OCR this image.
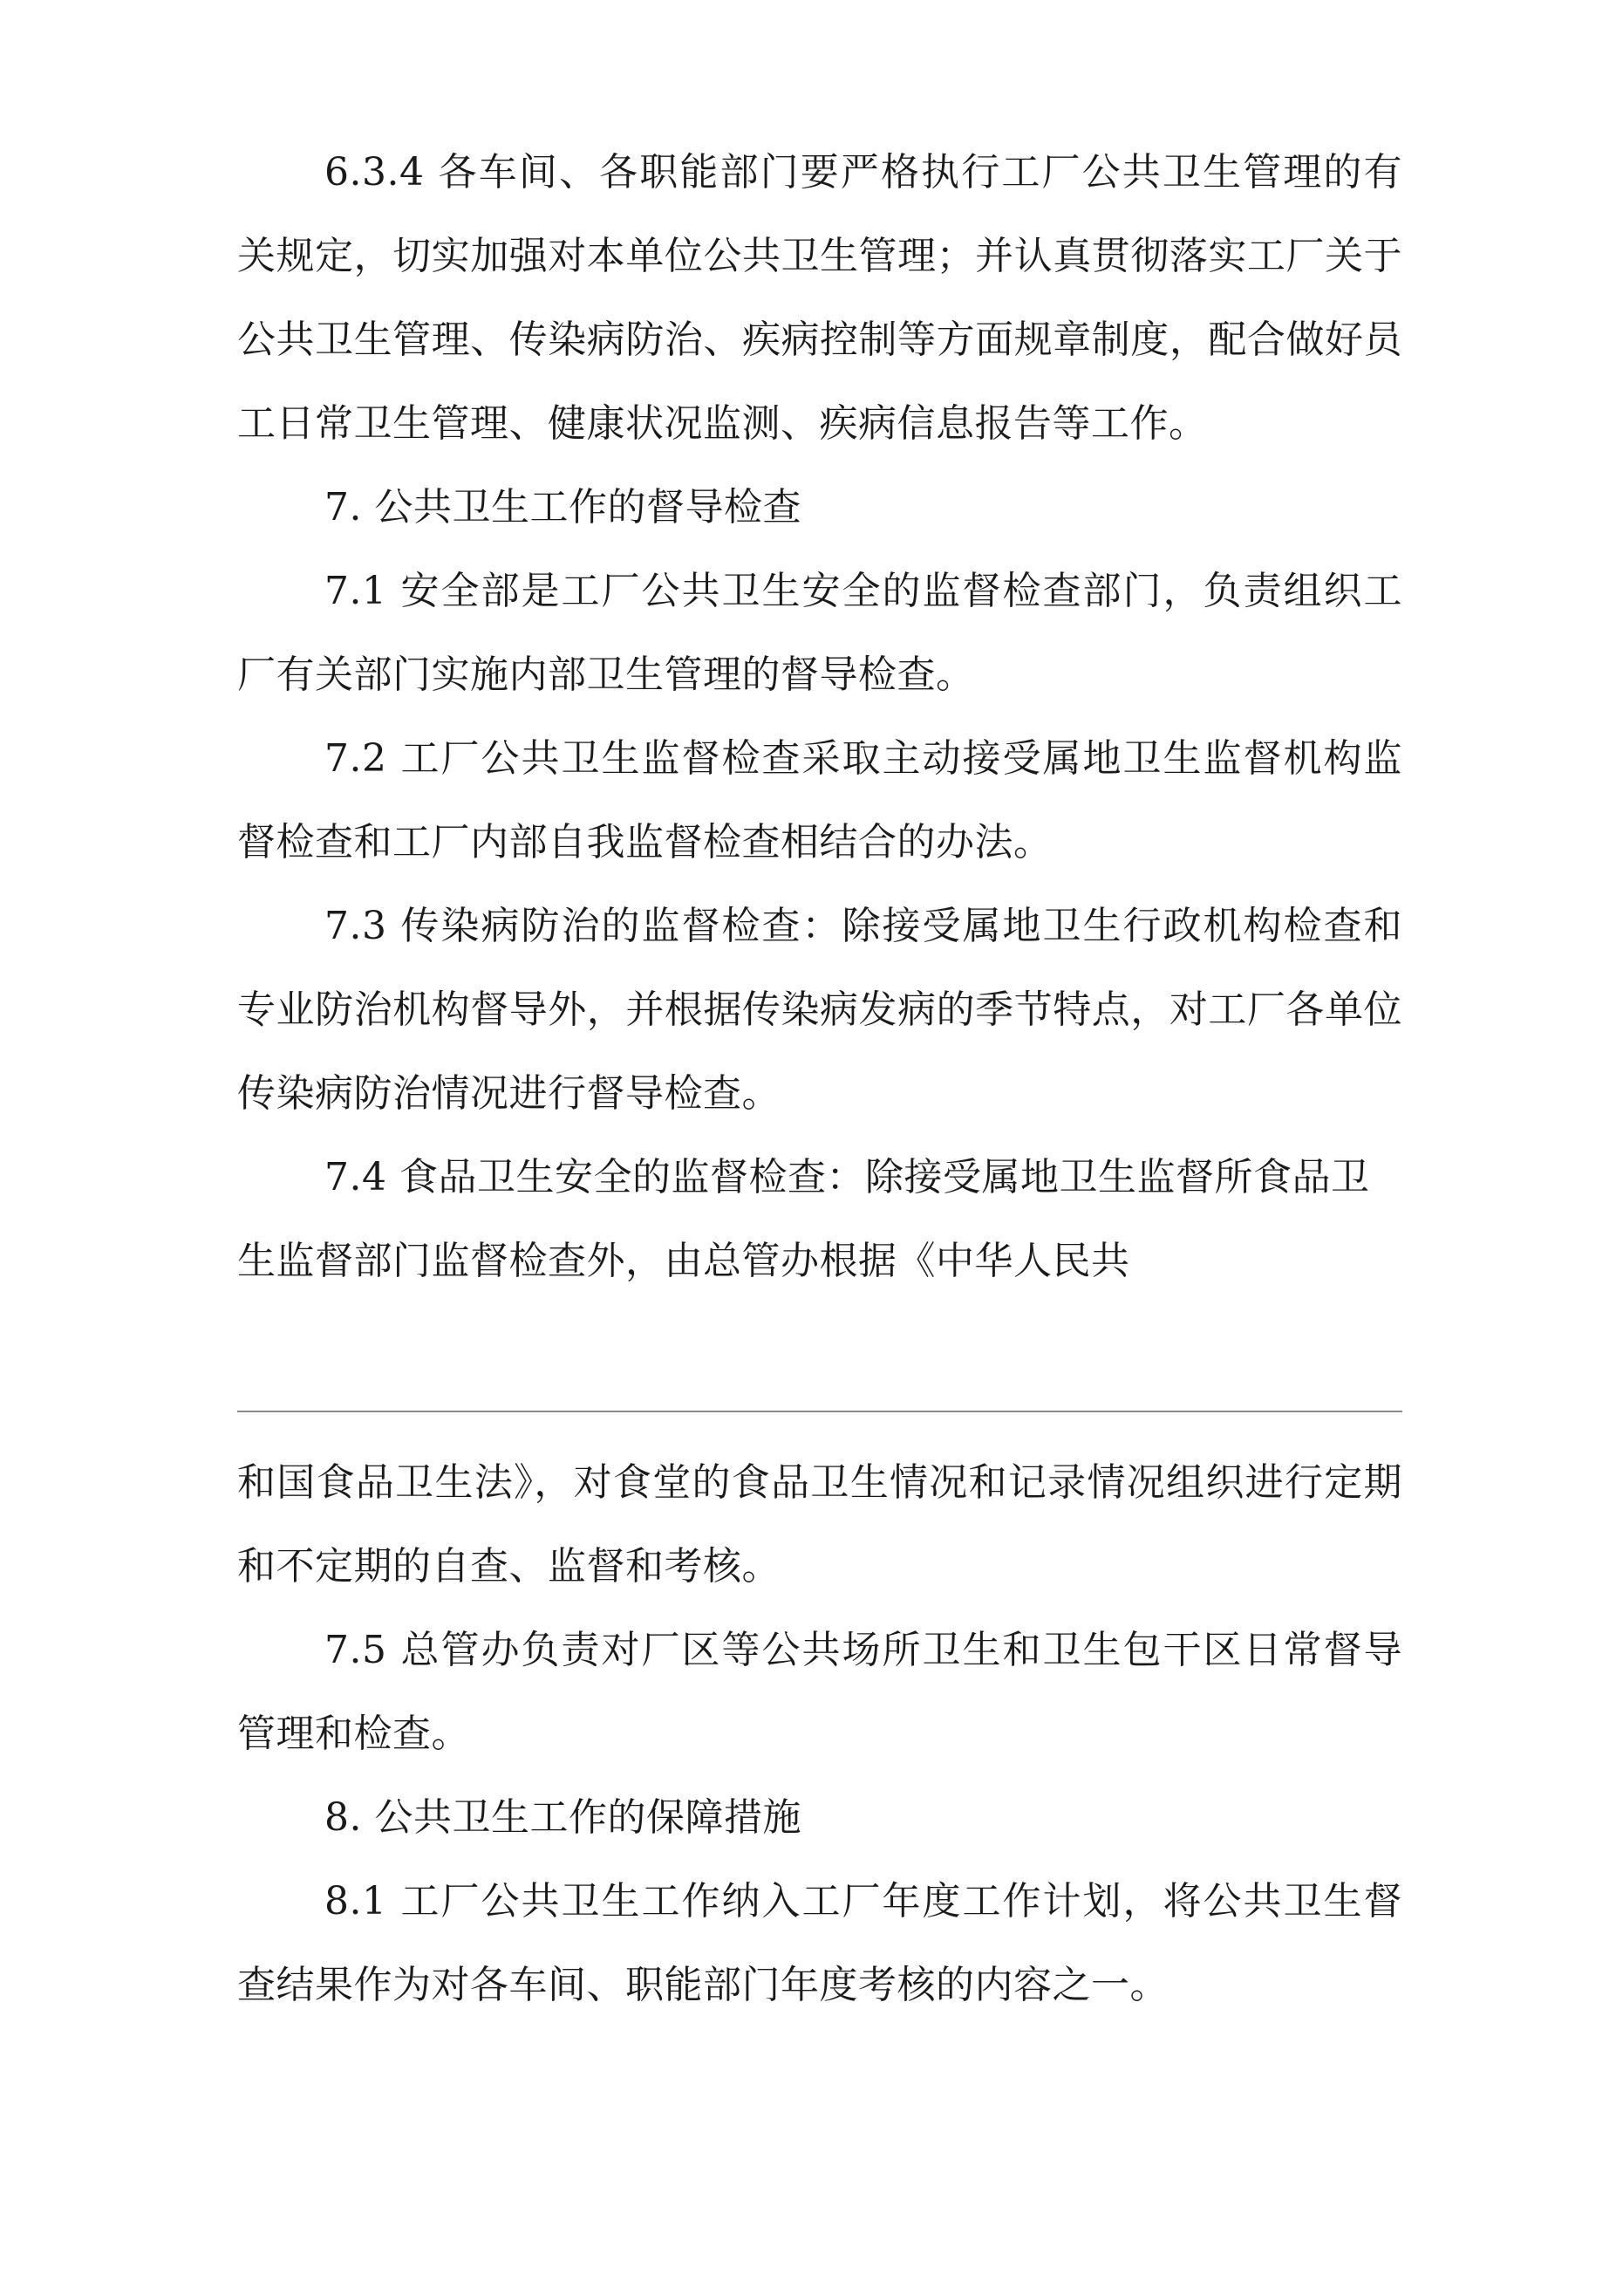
6.3.4 各车间、各职能部门要严格执行工厂公共卫生管理的有关规定，切实加强对本单位公共卫生管理；并认真贯彻落实工厂关于公共卫生管理、传染病防治、疾病控制等方面规章制度，配合做好员工日常卫生管理、健康状况监测、疾病信息报告等工作。

7. 公共卫生工作的督导检查

7.1 安全部是工厂公共卫生安全的监督检查部门，负责组织工厂有关部门实施内部卫生管理的督导检查。

7.2 工厂公共卫生监督检查采取主动接受属地卫生监督机构监督检查和工厂内部自我监督检查相结合的办法。

7.3 传染病防治的监督检查：除接受属地卫生行政机构检查和专业防治机构督导外，并根据传染病发病的季节特点，对工厂各单位传染病防治情况进行督导检查。

7.4 食品卫生安全的监督检查：除接受属地卫生监督所食品卫生监督部门监督检查外，由总管办根据《中华人民共

和国食品卫生法》，对食堂的食品卫生情况和记录情况组织进行定期和不定期的自查、监督和考核。

7.5 总管办负责对厂区等公共场所卫生和卫生包干区日常督导管理和检查。

8. 公共卫生工作的保障措施

8.1 工厂公共卫生工作纳入工厂年度工作计划，将公共卫生督查结果作为对各车间、职能部门年度考核的内容之一。
